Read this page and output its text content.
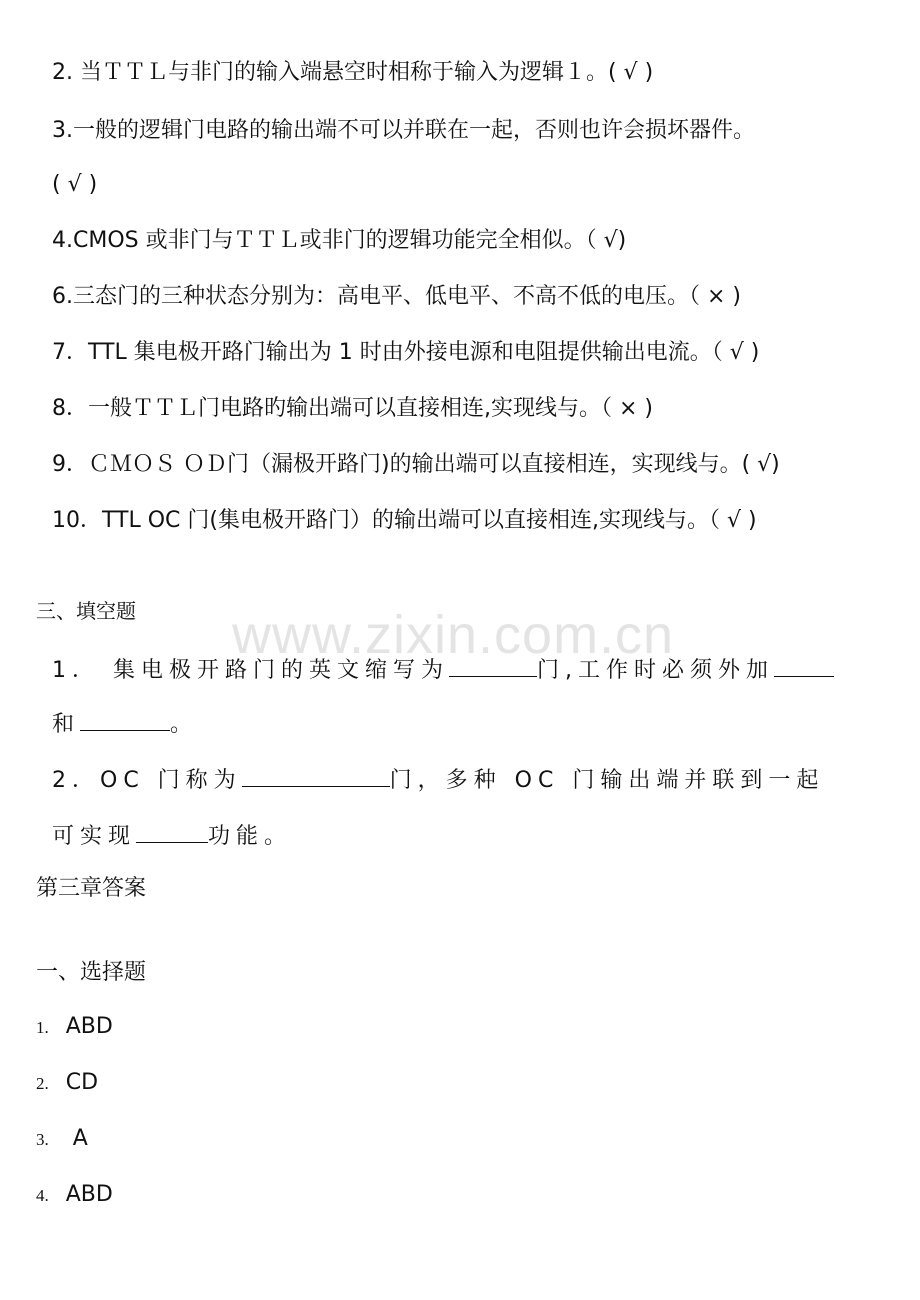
www.zixin.com.cn
2. 当ＴＴＬ与非门的输入端悬空时相称于输入为逻辑１。( √ )
3.一般的逻辑门电路的输出端不可以并联在一起，否则也许会损坏器件。
( √ )
4.CMOS 或非门与ＴＴＬ或非门的逻辑功能完全相似。（ √)
6.三态门的三种状态分别为：高电平、低电平、不高不低的电压。（ × )
7．TTL 集电极开路门输出为 1 时由外接电源和电阻提供输出电流。（ √ )
8．一般ＴＴＬ门电路旳输出端可以直接相连,实现线与。（ × )
9．ＣＭＯＳ ＯＤ门（漏极开路门)的输出端可以直接相连，实现线与。( √)
10．TTL OC 门(集电极开路门）的输出端可以直接相连,实现线与。（ √ )
三、填空题
1． 集电极开路门的英文缩写为	门,工作时必须外加
和	。
2．OC 门称为	门，多种 OC 门输出端并联到一起
可实现	功能。
第三章答案
一、选择题
1. ABD
2. CD
3.  A
4. ABD
